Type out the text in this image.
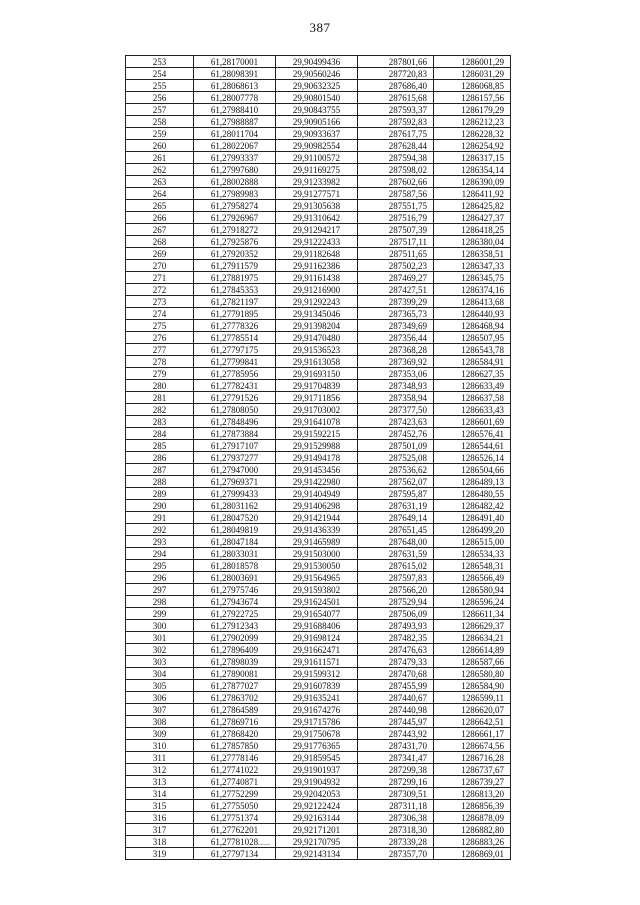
387
253	61,28170001	29,90499436	287801,66	1286001,29
254	61,28098391	29,90560246	287720,83	1286031,29
255	61,28068613	29,90632325	287686,40	1286068,85
256	61,28007778	29,90801540	287615,68	1286157,56
257	61,27988410	29,90843755	287593,37	1286179,29
258	61,27988887	29,90905166	287592,83	1286212,23
259	61,28011704	29,90933637	287617,75	1286228,32
260	61,28022067	29,90982554	287628,44	1286254,92
261	61,27993337	29,91100572	287594,38	1286317,15
262	61,27997680	29,91169275	287598,02	1286354,14
263	61,28002888	29,91233982	287602,66	1286390,09
264	61,27989983	29,91277571	287587,56	1286411,92
265	61,27958274	29,91305638	287551,75	1286425,82
266	61,27926967	29,91310642	287516,79	1286427,37
267	61,27918272	29,91294217	287507,39	1286418,25
268	61,27925876	29,91222433	287517,11	1286380,04
269	61,27920352	29,91182648	287511,65	1286358,51
270	61,27911579	29,91162386	287502,23	1286347,33
271	61,27881975	29,91161438	287469,27	1286345,75
272	61,27845353	29,91216900	287427,51	1286374,16
273	61,27821197	29,91292243	287399,29	1286413,68
274	61,27791895	29,91345046	287365,73	1286440,93
275	61,27778326	29,91398204	287349,69	1286468,94
276	61,27785514	29,91470480	287356,44	1286507,95
277	61,27797175	29,91536523	287368,28	1286543,78
278	61,27799841	29,91613058	287369,92	1286584,91
279	61,27785956	29,91693150	287353,06	1286627,35
280	61,27782431	29,91704839	287348,93	1286633,49
281	61,27791526	29,91711856	287358,94	1286637,58
282	61,27808050	29,91703002	287377,50	1286633,43
283	61,27848496	29,91641078	287423,63	1286601,69
284	61,27873884	29,91592215	287452,76	1286576,41
285	61,27917107	29,91529988	287501,09	1286544,61
286	61,27937277	29,91494178	287525,08	1286526,14
287	61,27947000	29,91453456	287536,62	1286504,66
288	61,27969371	29,91422980	287562,07	1286489,13
289	61,27999433	29,91404949	287595,87	1286480,55
290	61,28031162	29,91406298	287631,19	1286482,42
291	61,28047520	29,91421944	287649,14	1286491,40
292	61,28049819	29,91436339	287651,45	1286499,20
293	61,28047184	29,91465989	287648,00	1286515,00
294	61,28033031	29,91503000	287631,59	1286534,33
295	61,28018578	29,91530050	287615,02	1286548,31
296	61,28003691	29,91564965	287597,83	1286566,49
297	61,27975746	29,91593802	287566,20	1286580,94
298	61,27943674	29,91624501	287529,94	1286596,24
299	61,27922725	29,91654077	287506,09	1286611,34
300	61,27912343	29,91688406	287493,93	1286629,37
301	61,27902099	29,91698124	287482,35	1286634,21
302	61,27896409	29,91662471	287476,63	1286614,89
303	61,27898039	29,91611571	287479,33	1286587,66
304	61,27890081	29,91599312	287470,68	1286580,80
305	61,27877027	29,91607839	287455,99	1286584,90
306	61,27863702	29,91635241	287440,67	1286599,11
307	61,27864589	29,91674276	287440,98	1286620,07
308	61,27869716	29,91715786	287445,97	1286642,51
309	61,27868420	29,91750678	287443,92	1286661,17
310	61,27857850	29,91776365	287431,70	1286674,56
311	61,27778146	29,91859545	287341,47	1286716,28
312	61,27741022	29,91901937	287299,38	1286737,67
313	61,27740871	29,91904932	287299,16	1286739,27
314	61,27752299	29,92042053	287309,51	1286813,20
315	61,27755050	29,92122424	287311,18	1286856,39
316	61,27751374	29,92163144	287306,38	1286878,09
317	61,27762201	29,92171201	287318,30	1286882,80
318	61,27781028	29,92170795	287339,28	1286883,26
319	61,27797134	29,92143134	287357,70	1286869,01
